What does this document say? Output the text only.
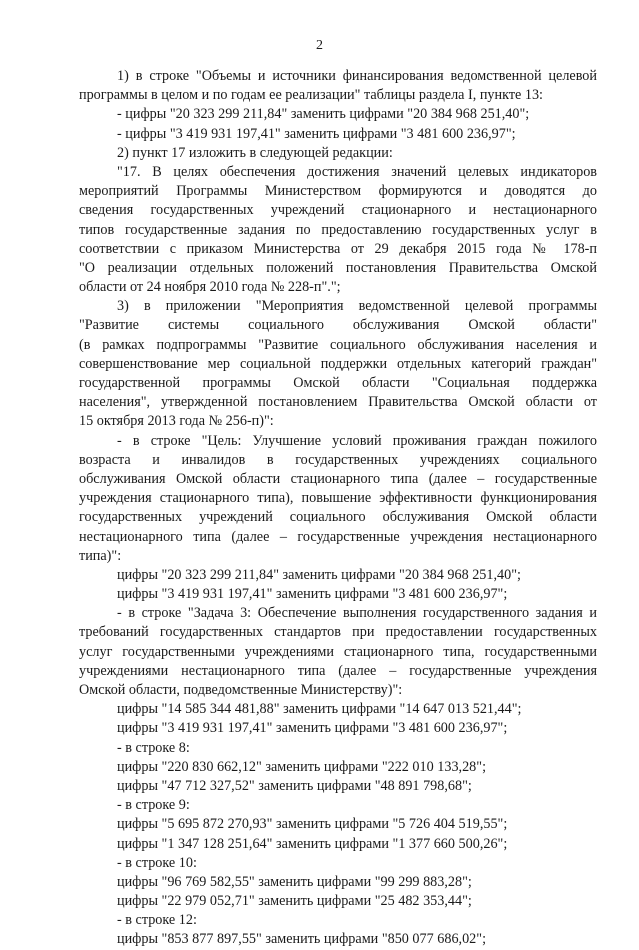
2
1) в строке "Объемы и источники финансирования ведомственной целевой
программы в целом и по годам ее реализации" таблицы раздела I, пункте 13:
- цифры "20 323 299 211,84" заменить цифрами "20 384 968 251,40";
- цифры "3 419 931 197,41" заменить цифрами "3 481 600 236,97";
2) пункт 17 изложить в следующей редакции:
"17. В целях обеспечения достижения значений целевых индикаторов
мероприятий Программы Министерством формируются и доводятся до
сведения государственных учреждений стационарного и нестационарного
типов государственные задания по предоставлению государственных услуг в
соответствии с приказом Министерства от 29 декабря 2015 года № 178-п
"О реализации отдельных положений постановления Правительства Омской
области от 24 ноября 2010 года № 228-п".";
3) в приложении "Мероприятия ведомственной целевой программы
"Развитие системы социального обслуживания Омской области"
(в рамках подпрограммы "Развитие социального обслуживания населения и
совершенствование мер социальной поддержки отдельных категорий граждан"
государственной программы Омской области "Социальная поддержка
населения", утвержденной постановлением Правительства Омской области от
15 октября 2013 года № 256-п)":
- в строке "Цель: Улучшение условий проживания граждан пожилого
возраста и инвалидов в государственных учреждениях социального
обслуживания Омской области стационарного типа (далее – государственные
учреждения стационарного типа), повышение эффективности функционирования
государственных учреждений социального обслуживания Омской области
нестационарного типа (далее – государственные учреждения нестационарного
типа)":
цифры "20 323 299 211,84" заменить цифрами "20 384 968 251,40";
цифры "3 419 931 197,41" заменить цифрами "3 481 600 236,97";
- в строке "Задача 3: Обеспечение выполнения государственного задания и
требований государственных стандартов при предоставлении государственных
услуг государственными учреждениями стационарного типа, государственными
учреждениями нестационарного типа (далее – государственные учреждения
Омской области, подведомственные Министерству)":
цифры "14 585 344 481,88" заменить цифрами "14 647 013 521,44";
цифры "3 419 931 197,41" заменить цифрами "3 481 600 236,97";
- в строке 8:
цифры "220 830 662,12" заменить цифрами "222 010 133,28";
цифры "47 712 327,52" заменить цифрами "48 891 798,68";
- в строке 9:
цифры "5 695 872 270,93" заменить цифрами "5 726 404 519,55";
цифры "1 347 128 251,64" заменить цифрами "1 377 660 500,26";
- в строке 10:
цифры "96 769 582,55" заменить цифрами "99 299 883,28";
цифры "22 979 052,71" заменить цифрами "25 482 353,44";
- в строке 12:
цифры "853 877 897,55" заменить цифрами "850 077 686,02";
